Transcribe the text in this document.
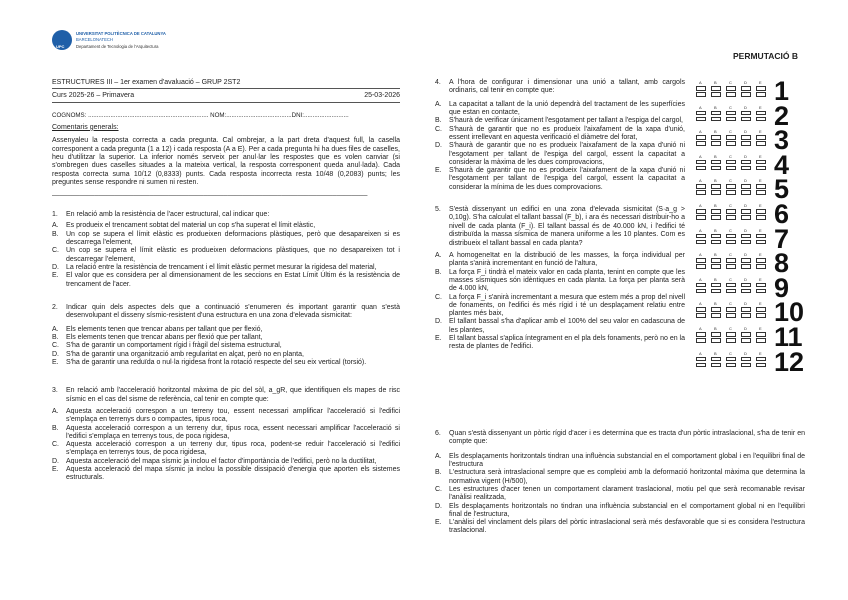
UPC
UNIVERSITAT POLITÈCNICA DE CATALUNYA
BARCELONATECH
Departament de Tecnologia de l'Arquitectura
PERMUTACIÓ B
ESTRUCTURES III – 1er examen d'avaluació – GRUP 2ST2
Curs 2025-26 – Primavera	25-03-2026
COGNOMS: ...................................................................... NOM:......................................DNI:..........................
Comentaris generals:
Assenyaleu la resposta correcta a cada pregunta. Cal ombrejar, a la part dreta d'aquest full, la casella corresponent a cada pregunta (1 a 12) i cada resposta (A a E). Per a cada pregunta hi ha dues files de caselles, heu d'utilitzar la superior. La inferior només serveix per anul·lar les respostes que es volen canviar (si s'ombregen dues caselles situades a la mateixa vertical, la resposta corresponent queda anul·lada). Cada resposta correcta suma 10/12 (0,8333) punts. Cada resposta incorrecta resta 10/48 (0,2083) punts; les preguntes sense respondre ni sumen ni resten.
_________________________________________________________________________________
1. En relació amb la resistència de l'acer estructural, cal indicar que:
A. Es produeix el trencament sobtat del material un cop s'ha superat el límit elàstic,
B. Un cop se supera el límit elàstic es produeixen deformacions plàstiques, però que desapareixen si es descarrega l'element,
C. Un cop se supera el límit elàstic es produeixen deformacions plàstiques, que no desapareixen tot i descarregar l'element,
D. La relació entre la resistència de trencament i el límit elàstic permet mesurar la rigidesa del material,
E. El valor que es considera per al dimensionament de les seccions en Estat Límit Últim és la resistència de trencament de l'acer.
2. Indicar quin dels aspectes dels que a continuació s'enumeren és important garantir quan s'està desenvolupant el disseny sísmic-resistent d'una estructura en una zona d'elevada sismicitat:
A. Els elements tenen que trencar abans per tallant que per flexió,
B. Els elements tenen que trencar abans per flexió que per tallant,
C. S'ha de garantir un comportament rígid i fràgil del sistema estructural,
D. S'ha de garantir una organització amb regularitat en alçat, però no en planta,
E. S'ha de garantir una reduïda o nul·la rigidesa front la rotació respecte del seu eix vertical (torsió).
3. En relació amb l'acceleració horitzontal màxima de pic del sòl, a_gR, que identifiquen els mapes de risc sísmic en el cas del sisme de referència, cal tenir en compte que:
A. Aquesta acceleració correspon a un terreny tou, essent necessari amplificar l'acceleració si l'edifici s'emplaça en terrenys durs o compactes, tipus roca,
B. Aquesta acceleració correspon a un terreny dur, tipus roca, essent necessari amplificar l'acceleració si l'edifici s'emplaça en terrenys tous, de poca rigidesa,
C. Aquesta acceleració correspon a un terreny dur, tipus roca, podent-se reduir l'acceleració si l'edifici s'emplaça en terrenys tous, de poca rigidesa,
D. Aquesta acceleració del mapa sísmic ja inclou el factor d'importància de l'edifici, però no la ductilitat,
E. Aquesta acceleració del mapa sísmic ja inclou la possible dissipació d'energia que aporten els sistemes estructurals.
4. A l'hora de configurar i dimensionar una unió a tallant, amb cargols ordinaris, cal tenir en compte que:
A. La capacitat a tallant de la unió dependrà del tractament de les superfícies que estan en contacte,
B. S'haurà de verificar únicament l'esgotament per tallant a l'espiga del cargol,
C. S'haurà de garantir que no es produeix l'aixafament de la xapa d'unió, essent irrellevant en aquesta verificació el diàmetre del forat,
D. S'haurà de garantir que no es produeix l'aixafament de la xapa d'unió ni l'esgotament per tallant de l'espiga del cargol, essent la capacitat a considerar la màxima de les dues comprovacions,
E. S'haurà de garantir que no es produeix l'aixafament de la xapa d'unió ni l'esgotament per tallant de l'espiga del cargol, essent la capacitat a considerar la mínima de les dues comprovacions.
5. S'està dissenyant un edifici en una zona d'elevada sismicitat (S·a_g > 0,10g). S'ha calculat el tallant bassal (F_b), i ara és necessari distribuir-ho a nivell de cada planta (F_i). El tallant bassal és de 40.000 kN, i l'edifici té distribuïda la massa sísmica de manera uniforme a les 10 plantes. Com es distribueix el tallant bassal en cada planta?
A. A homogeneïtat en la distribució de les masses, la força individual per planta s'anirà incrementant en funció de l'altura,
B. La força F_i tindrà el mateix valor en cada planta, tenint en compte que les masses sísmiques són idèntiques en cada planta. La força per planta serà de 4.000 kN,
C. La força F_i s'anirà incrementant a mesura que estem més a prop del nivell de fonaments, on l'edifici és més rígid i té un desplaçament relatiu entre plantes més baix,
D. El tallant bassal s'ha d'aplicar amb el 100% del seu valor en cadascuna de les plantes,
E. El tallant bassal s'aplica íntegrament en el pla dels fonaments, però no en la resta de plantes de l'edifici.
6. Quan s'està dissenyant un pòrtic rígid d'acer i es determina que es tracta d'un pòrtic intraslacional, s'ha de tenir en compte que:
A. Els desplaçaments horitzontals tindran una influència substancial en el comportament global i en l'equilibri final de l'estructura
B. L'estructura serà intraslacional sempre que es compleixi amb la deformació horitzontal màxima que determina la normativa vigent (H/500),
C. Les estructures d'acer tenen un comportament clarament traslacional, motiu pel que serà recomanable revisar l'anàlisi realitzada,
D. Els desplaçaments horitzontals no tindran una influència substancial en el comportament global ni en l'equilibri final de l'estructura,
E. L'anàlisi del vinclament dels pilars del pòrtic intraslacional serà més desfavorable que si es considera l'estructura traslacional.
A	B	C	D	E 1
A	B	C	D	E 2
A	B	C	D	E 3
A	B	C	D	E 4
A	B	C	D	E 5
A	B	C	D	E 6
A	B	C	D	E 7
A	B	C	D	E 8
A	B	C	D	E 9
A	B	C	D	E 10
A	B	C	D	E 11
A	B	C	D	E 12
